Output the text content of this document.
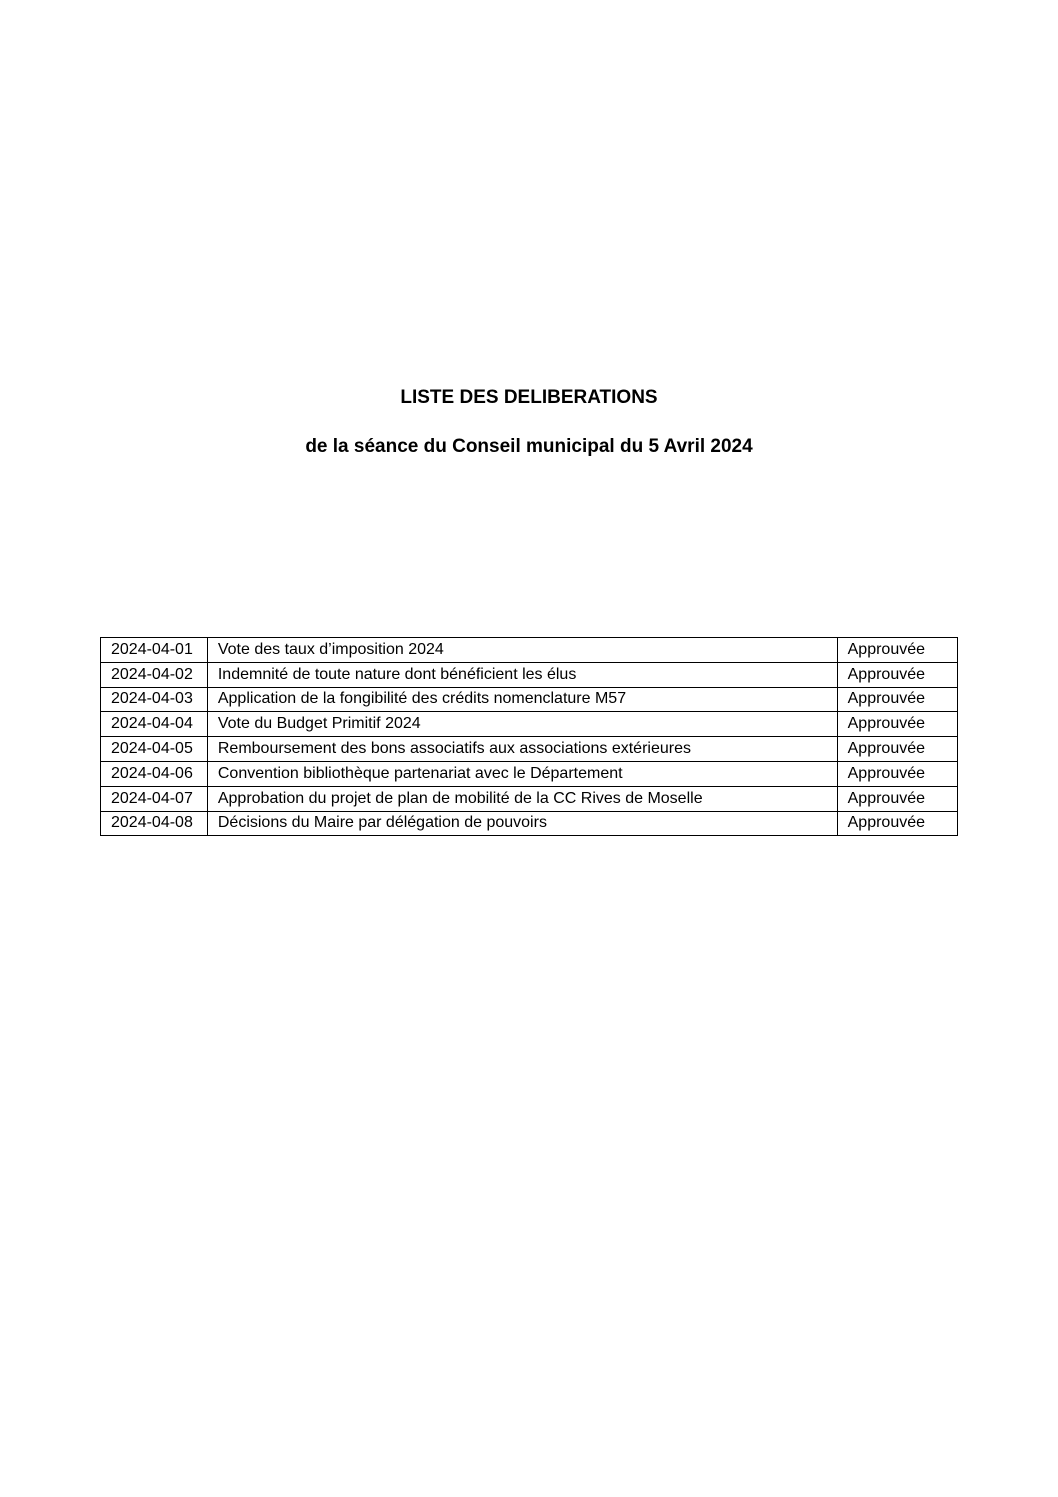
LISTE DES DELIBERATIONS
de la séance du Conseil municipal du 5 Avril 2024
2024-04-01	Vote des taux d’imposition 2024	Approuvée
2024-04-02	Indemnité de toute nature dont bénéficient les élus	Approuvée
2024-04-03	Application de la fongibilité des crédits nomenclature M57	Approuvée
2024-04-04	Vote du Budget Primitif 2024	Approuvée
2024-04-05	Remboursement des bons associatifs aux associations extérieures	Approuvée
2024-04-06	Convention bibliothèque partenariat avec le Département	Approuvée
2024-04-07	Approbation du projet de plan de mobilité de la CC Rives de Moselle	Approuvée
2024-04-08	Décisions du Maire par délégation de pouvoirs	Approuvée
